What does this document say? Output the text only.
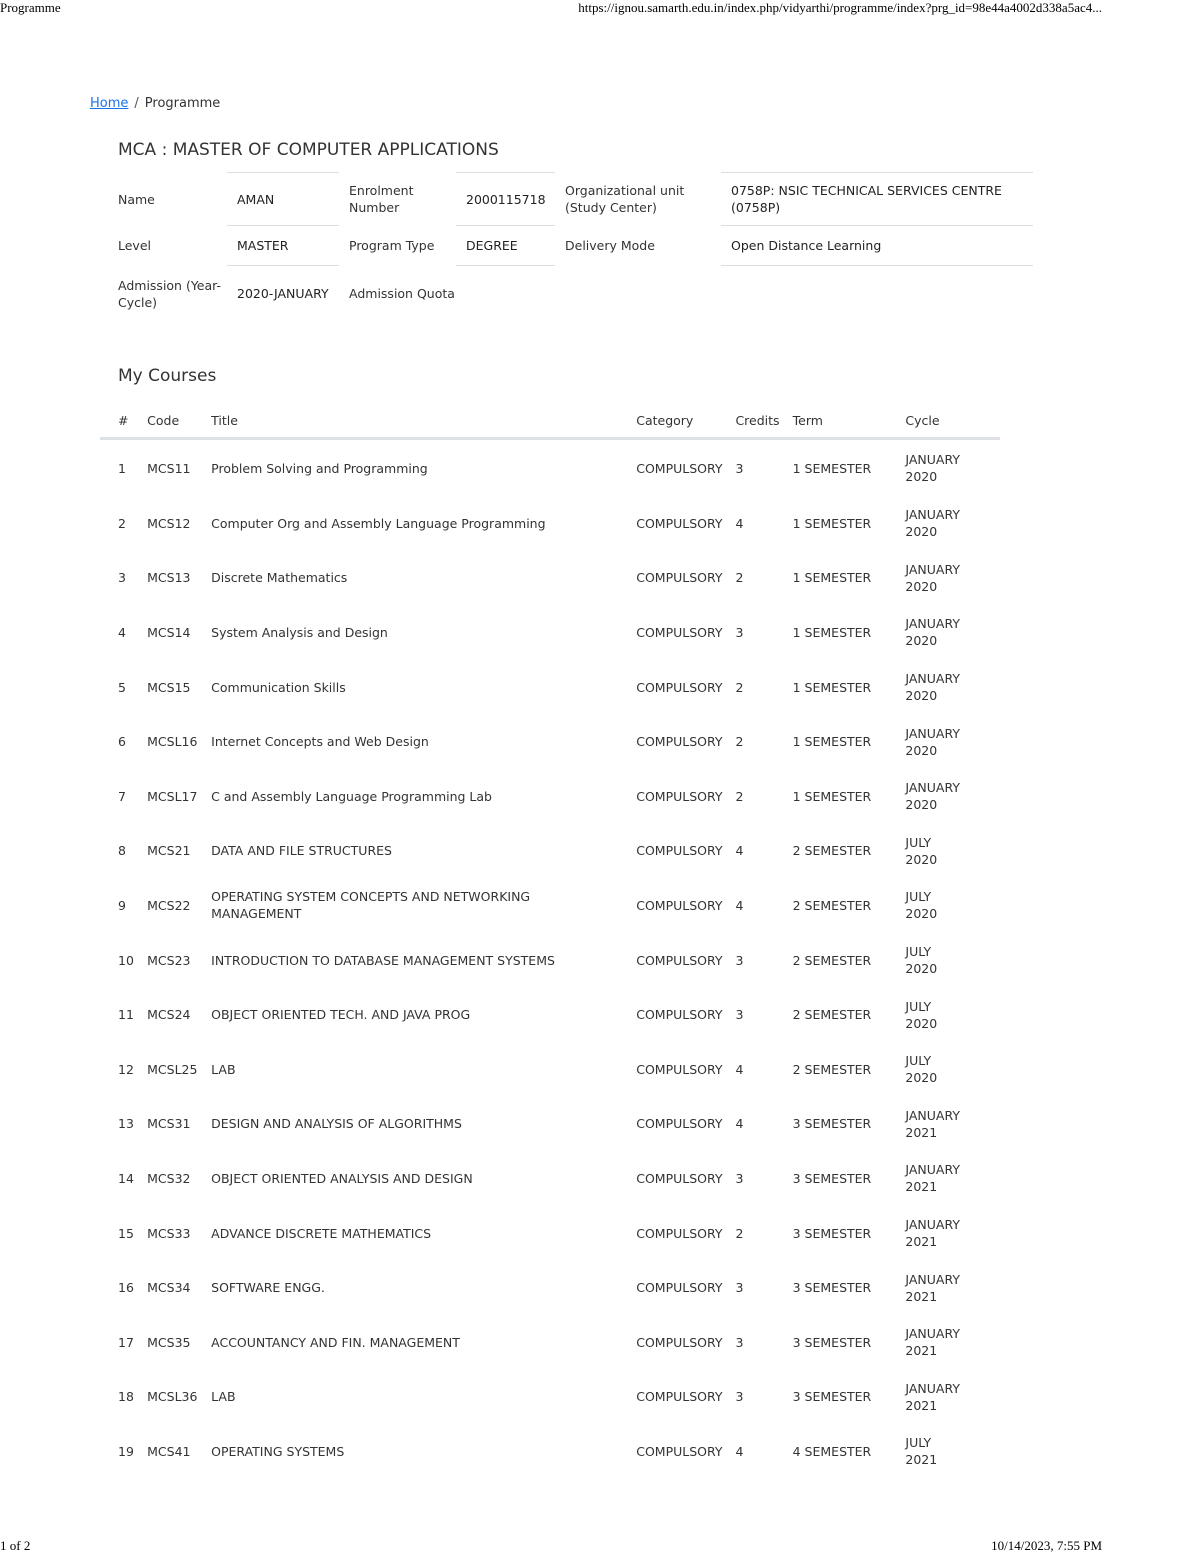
Programme	https://ignou.samarth.edu.in/index.php/vidyarthi/programme/index?prg_id=98e44a4002d338a5ac4...
Home / Programme
MCA : MASTER OF COMPUTER APPLICATIONS
Name	AMAN	Enrolment Number	2000115718	Organizational unit (Study Center)	0758P: NSIC TECHNICAL SERVICES CENTRE (0758P)
Level	MASTER	Program Type	DEGREE	Delivery Mode	Open Distance Learning
Admission (Year-Cycle)	2020-JANUARY	Admission Quota			
My Courses
#	Code	Title	Category	Credits	Term	Cycle
1	MCS11	Problem Solving and Programming	COMPULSORY	3	1 SEMESTER	JANUARY 2020
2	MCS12	Computer Org and Assembly Language Programming	COMPULSORY	4	1 SEMESTER	JANUARY 2020
3	MCS13	Discrete Mathematics	COMPULSORY	2	1 SEMESTER	JANUARY 2020
4	MCS14	System Analysis and Design	COMPULSORY	3	1 SEMESTER	JANUARY 2020
5	MCS15	Communication Skills	COMPULSORY	2	1 SEMESTER	JANUARY 2020
6	MCSL16	Internet Concepts and Web Design	COMPULSORY	2	1 SEMESTER	JANUARY 2020
7	MCSL17	C and Assembly Language Programming Lab	COMPULSORY	2	1 SEMESTER	JANUARY 2020
8	MCS21	DATA AND FILE STRUCTURES	COMPULSORY	4	2 SEMESTER	JULY 2020
9	MCS22	OPERATING SYSTEM CONCEPTS AND NETWORKING MANAGEMENT	COMPULSORY	4	2 SEMESTER	JULY 2020
10	MCS23	INTRODUCTION TO DATABASE MANAGEMENT SYSTEMS	COMPULSORY	3	2 SEMESTER	JULY 2020
11	MCS24	OBJECT ORIENTED TECH. AND JAVA PROG	COMPULSORY	3	2 SEMESTER	JULY 2020
12	MCSL25	LAB	COMPULSORY	4	2 SEMESTER	JULY 2020
13	MCS31	DESIGN AND ANALYSIS OF ALGORITHMS	COMPULSORY	4	3 SEMESTER	JANUARY 2021
14	MCS32	OBJECT ORIENTED ANALYSIS AND DESIGN	COMPULSORY	3	3 SEMESTER	JANUARY 2021
15	MCS33	ADVANCE DISCRETE MATHEMATICS	COMPULSORY	2	3 SEMESTER	JANUARY 2021
16	MCS34	SOFTWARE ENGG.	COMPULSORY	3	3 SEMESTER	JANUARY 2021
17	MCS35	ACCOUNTANCY AND FIN. MANAGEMENT	COMPULSORY	3	3 SEMESTER	JANUARY 2021
18	MCSL36	LAB	COMPULSORY	3	3 SEMESTER	JANUARY 2021
19	MCS41	OPERATING SYSTEMS	COMPULSORY	4	4 SEMESTER	JULY 2021
1 of 2	10/14/2023, 7:55 PM
